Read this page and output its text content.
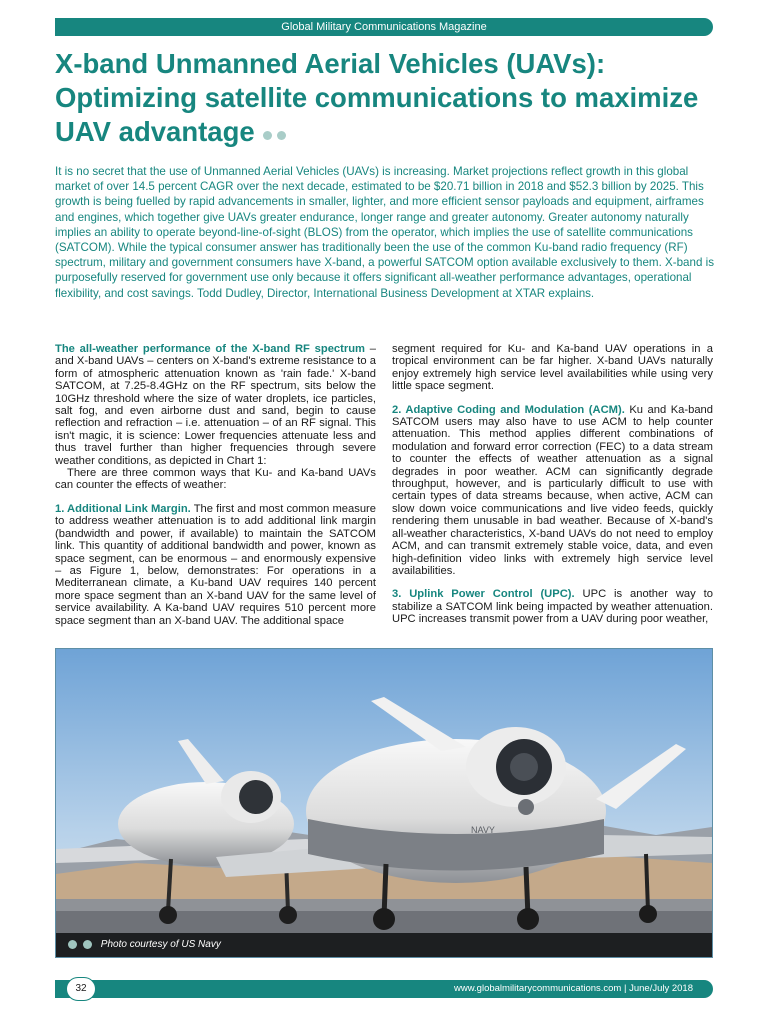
Global Military Communications Magazine
X-band Unmanned Aerial Vehicles (UAVs): Optimizing satellite communications to maximize UAV advantage

It is no secret that the use of Unmanned Aerial Vehicles (UAVs) is increasing. Market projections reflect growth in this global market of over 14.5 percent CAGR over the next decade, estimated to be $20.71 billion in 2018 and $52.3 billion by 2025. This growth is being fuelled by rapid advancements in smaller, lighter, and more efficient sensor payloads and equipment, airframes and engines, which together give UAVs greater endurance, longer range and greater autonomy. Greater autonomy naturally implies an ability to operate beyond-line-of-sight (BLOS) from the operator, which implies the use of satellite communications (SATCOM). While the typical consumer answer has traditionally been the use of the common Ku-band radio frequency (RF) spectrum, military and government consumers have X-band, a powerful SATCOM option available exclusively to them. X-band is purposefully reserved for government use only because it offers significant all-weather performance advantages, operational flexibility, and cost savings. Todd Dudley, Director, International Business Development at XTAR explains.

The all-weather performance of the X-band RF spectrum – and X-band UAVs – centers on X-band's extreme resistance to a form of atmospheric attenuation known as 'rain fade.' X-band SATCOM, at 7.25-8.4GHz on the RF spectrum, sits below the 10GHz threshold where the size of water droplets, ice particles, salt fog, and even airborne dust and sand, begin to cause reflection and refraction – i.e. attenuation – of an RF signal. This isn't magic, it is science: Lower frequencies attenuate less and thus travel further than higher frequencies through severe weather conditions, as depicted in Chart 1:

There are three common ways that Ku- and Ka-band UAVs can counter the effects of weather:

1. Additional Link Margin. The first and most common measure to address weather attenuation is to add additional link margin (bandwidth and power, if available) to maintain the SATCOM link. This quantity of additional bandwidth and power, known as space segment, can be enormous – and enormously expensive – as Figure 1, below, demonstrates: For operations in a Mediterranean climate, a Ku-band UAV requires 140 percent more space segment than an X-band UAV for the same level of service availability. A Ka-band UAV requires 510 percent more space segment than an X-band UAV. The additional space

segment required for Ku- and Ka-band UAV operations in a tropical environment can be far higher. X-band UAVs naturally enjoy extremely high service level availabilities while using very little space segment.

2. Adaptive Coding and Modulation (ACM). Ku and Ka-band SATCOM users may also have to use ACM to help counter attenuation. This method applies different combinations of modulation and forward error correction (FEC) to a data stream to counter the effects of weather attenuation as a signal degrades in poor weather. ACM can significantly degrade throughput, however, and is particularly difficult to use with certain types of data streams because, when active, ACM can slow down voice communications and live video feeds, quickly rendering them unusable in bad weather. Because of X-band's all-weather characteristics, X-band UAVs do not need to employ ACM, and can transmit extremely stable voice, data, and even high-definition video links with extremely high service level availabilities.

3. Uplink Power Control (UPC). UPC is another way to stabilize a SATCOM link being impacted by weather attenuation. UPC increases transmit power from a UAV during poor weather,

NAVY
Photo courtesy of US Navy
www.globalmilitarycommunications.com | June/July 2018
32
